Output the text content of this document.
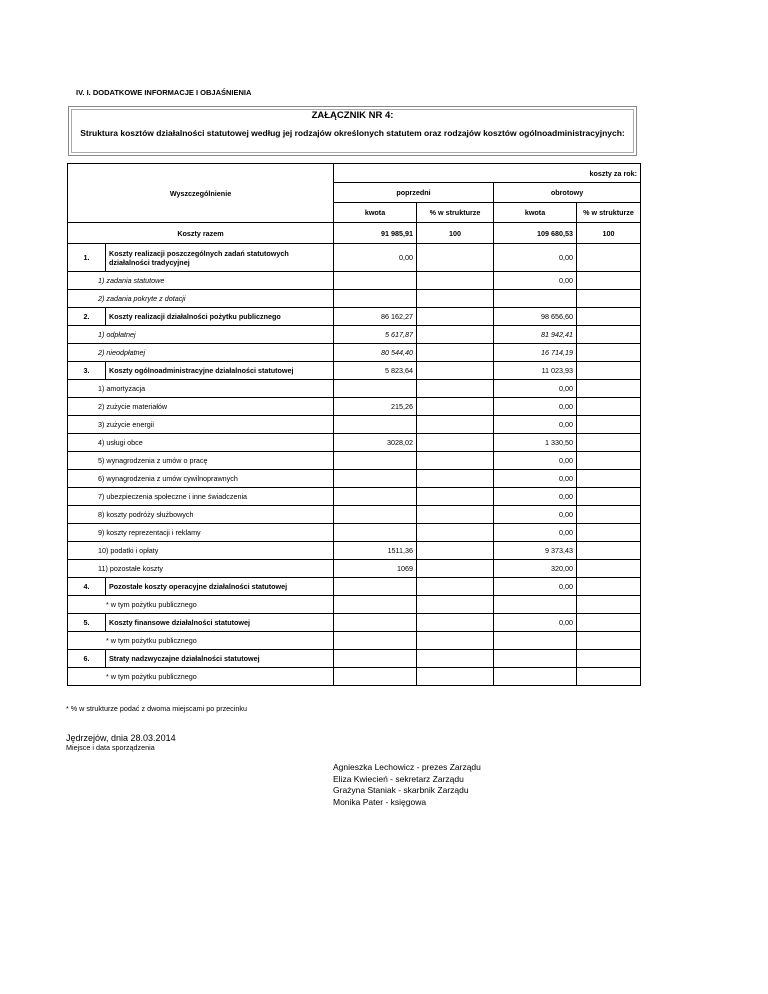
IV. I. DODATKOWE INFORMACJE I OBJAŚNIENIA
ZAŁĄCZNIK NR 4:
Struktura kosztów działalności statutowej według jej rodzajów określonych statutem oraz rodzajów kosztów ogólnoadministracyjnych:
Wyszczególnienie		koszty za rok:			
		poprzedni		obrotowy	
		kwota	% w strukturze	kwota	% w strukturze
Koszty razem		91 985,91	100	109 680,53	100
1.	Koszty realizacji poszczególnych zadań statutowych działalności tradycyjnej	0,00		0,00	
1) zadania statutowe				0,00	
2) zadania pokryte z dotacji					
2.	Koszty realizacji działalności pożytku publicznego	86 162,27		98 656,60	
1) odpłatnej		5 617,87		81 942,41	
2) nieodpłatnej		80 544,40		16 714,19	
3.	Koszty ogólnoadministracyjne działalności statutowej	5 823,64		11 023,93	
1) amortyzacja				0,00	
2) zużycie materiałów		215,26		0,00	
3) zużycie energii				0,00	
4) usługi obce		3028,02		1 330,50	
5) wynagrodzenia z umów o pracę				0,00	
6) wynagrodzenia z umów cywilnoprawnych				0,00	
7) ubezpieczenia społeczne i inne świadczenia				0,00	
8) koszty podróży służbowych				0,00	
9) koszty reprezentacji i reklamy				0,00	
10) podatki i opłaty		1511,36		9 373,43	
11) pozostałe koszty		1069		320,00	
4.	Pozostałe koszty operacyjne działalności statutowej			0,00	
* w tym pożytku publicznego					
5.	Koszty finansowe działalności statutowej			0,00	
* w tym pożytku publicznego					
6.	Straty nadzwyczajne działalności statutowej				
* w tym pożytku publicznego					
* % w strukturze podać z dwoma miejscami po przecinku
Jędrzejów, dnia 28.03.2014
Miejsce i data sporządzenia
Agnieszka Lechowicz - prezes Zarządu
Eliza Kwiecień - sekretarz Zarządu
Grażyna Staniak - skarbnik Zarządu
Monika Pater - księgowa
